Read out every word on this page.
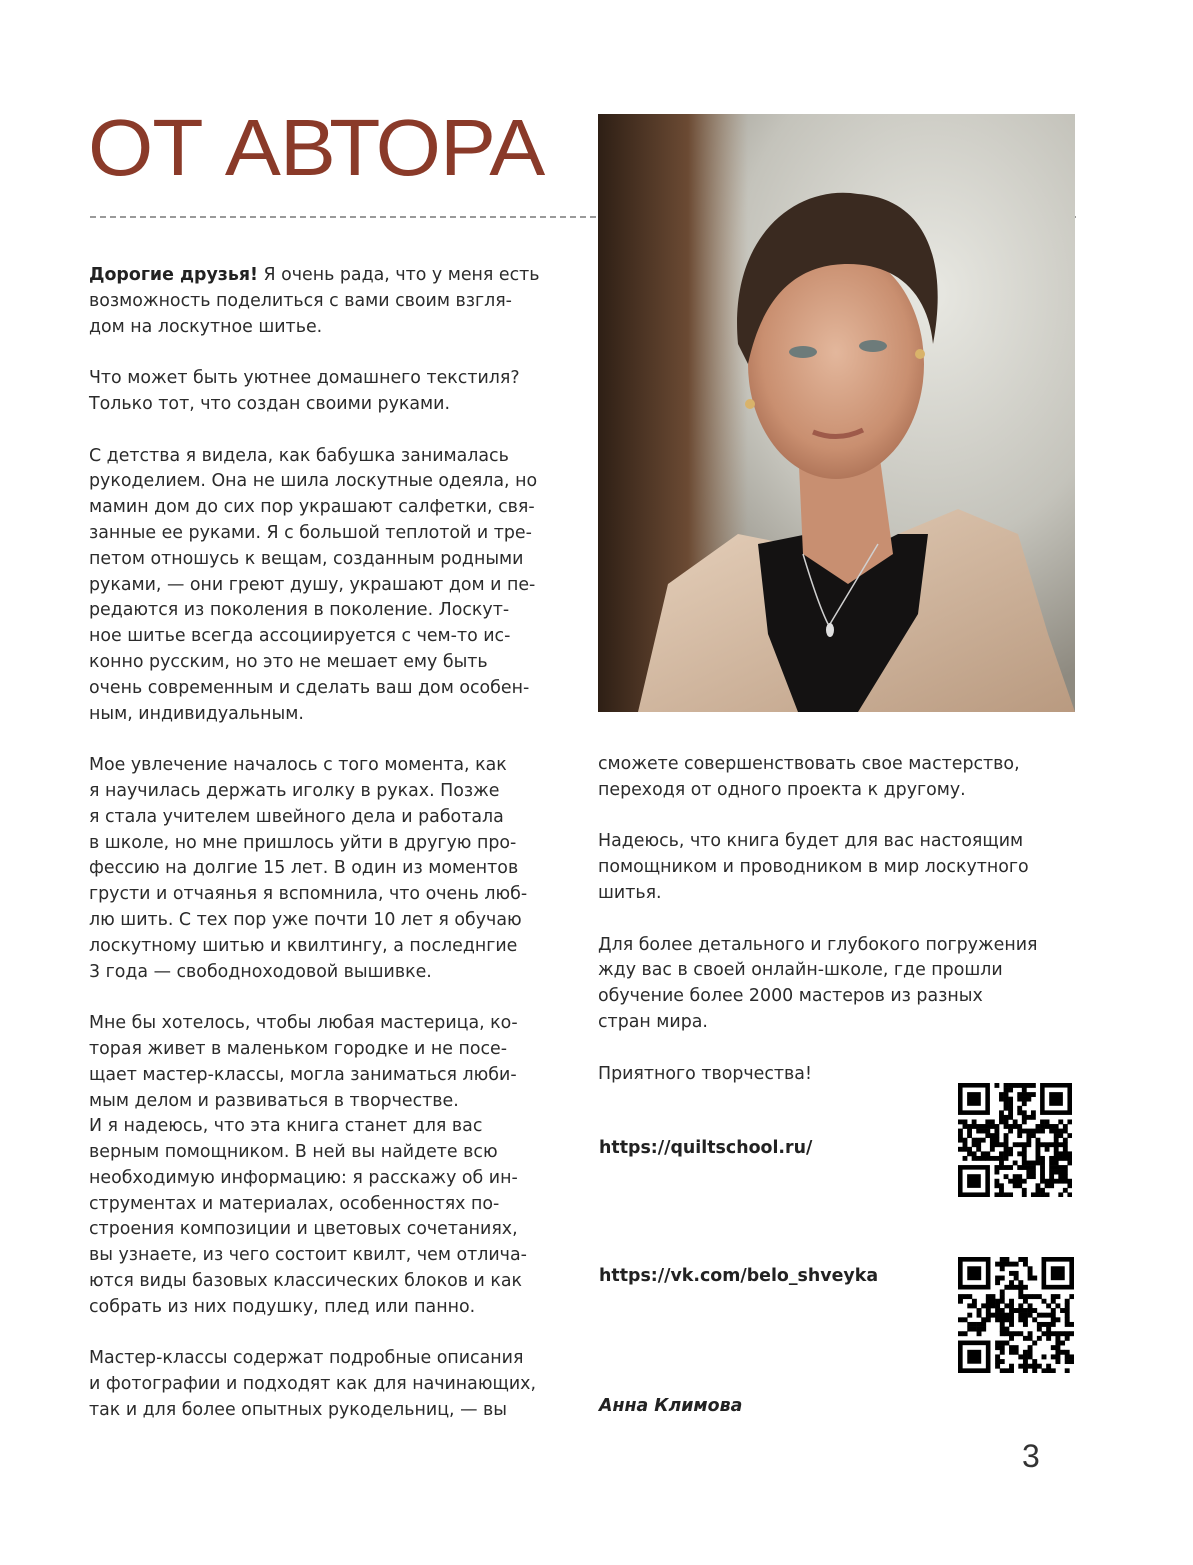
ОТ АВТОРА

Дорогие друзья! Я очень рада, что у меня есть
возможность поделиться с вами своим взгля-
дом на лоскутное шитье.

Что может быть уютнее домашнего текстиля?
Только тот, что создан своими руками.

С детства я видела, как бабушка занималась
рукоделием. Она не шила лоскутные одеяла, но
мамин дом до сих пор украшают салфетки, свя-
занные ее руками. Я с большой теплотой и тре-
петом отношусь к вещам, созданным родными
руками, — они греют душу, украшают дом и пе-
редаются из поколения в поколение. Лоскут-
ное шитье всегда ассоциируется с чем-то ис-
конно русским, но это не мешает ему быть
очень современным и сделать ваш дом особен-
ным, индивидуальным.

Мое увлечение началось с того момента, как
я научилась держать иголку в руках. Позже
я стала учителем швейного дела и работала
в школе, но мне пришлось уйти в другую про-
фессию на долгие 15 лет. В один из моментов
грусти и отчаянья я вспомнила, что очень люб-
лю шить. С тех пор уже почти 10 лет я обучаю
лоскутному шитью и квилтингу, а последнгие
3 года — свободноходовой вышивке.

Мне бы хотелось, чтобы любая мастерица, ко-
торая живет в маленьком городке и не посе-
щает мастер-классы, могла заниматься люби-
мым делом и развиваться в творчестве.
И я надеюсь, что эта книга станет для вас
верным помощником. В ней вы найдете всю
необходимую информацию: я расскажу об ин-
струментах и материалах, особенностях по-
строения композиции и цветовых сочетаниях,
вы узнаете, из чего состоит квилт, чем отлича-
ются виды базовых классических блоков и как
собрать из них подушку, плед или панно.

Мастер-классы содержат подробные описания
и фотографии и подходят как для начинающих,
так и для более опытных рукодельниц, — вы

сможете совершенствовать свое мастерство,
переходя от одного проекта к другому.

Надеюсь, что книга будет для вас настоящим
помощником и проводником в мир лоскутного
шитья.

Для более детального и глубокого погружения
жду вас в своей онлайн-школе, где прошли
обучение более 2000 мастеров из разных
стран мира.

Приятного творчества!

https://quiltschool.ru/
https://vk.com/belo_shveyka
Анна Климова
3
